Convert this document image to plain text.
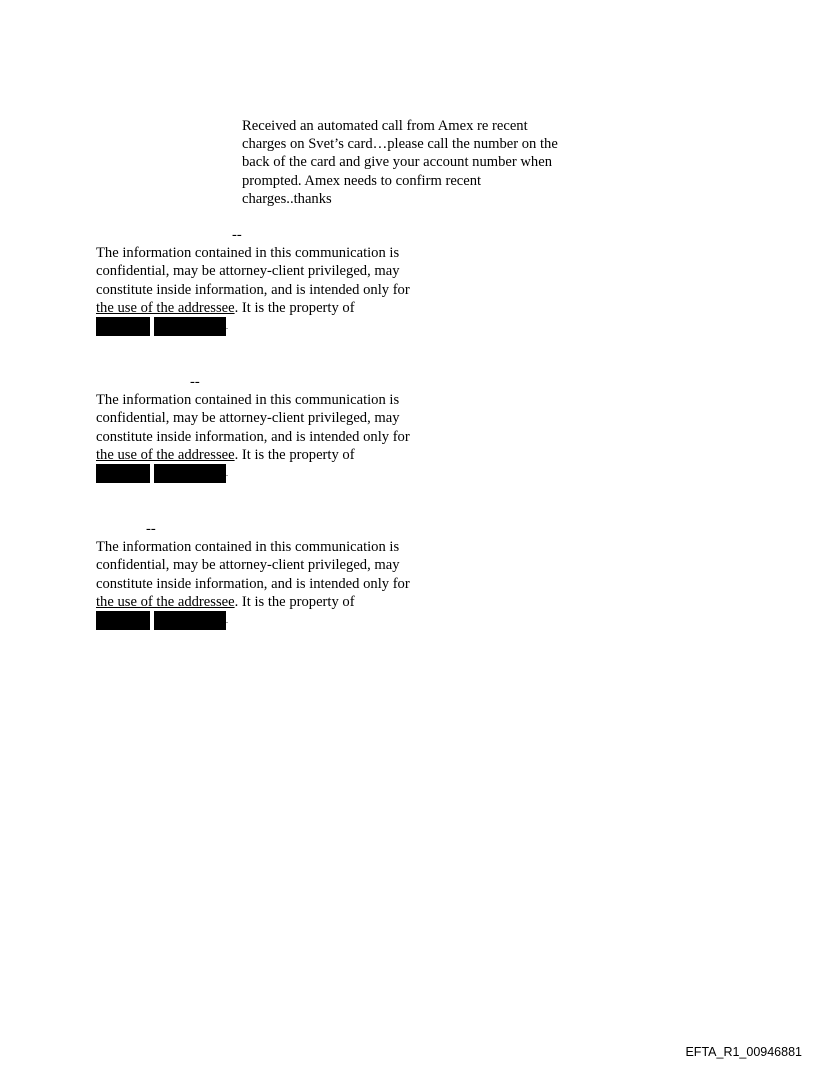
Received an automated call from Amex re recent
charges on Svet’s card…please call the number on the
back of the card and give your account number when
prompted. Amex needs to confirm recent
charges..thanks
--
The information contained in this communication is
confidential, may be attorney-client privileged, may
constitute inside information, and is intended only for
the use of the addressee. It is the property of
.
--
The information contained in this communication is
confidential, may be attorney-client privileged, may
constitute inside information, and is intended only for
the use of the addressee. It is the property of
.
--
The information contained in this communication is
confidential, may be attorney-client privileged, may
constitute inside information, and is intended only for
the use of the addressee. It is the property of
.
EFTA_R1_00946881
